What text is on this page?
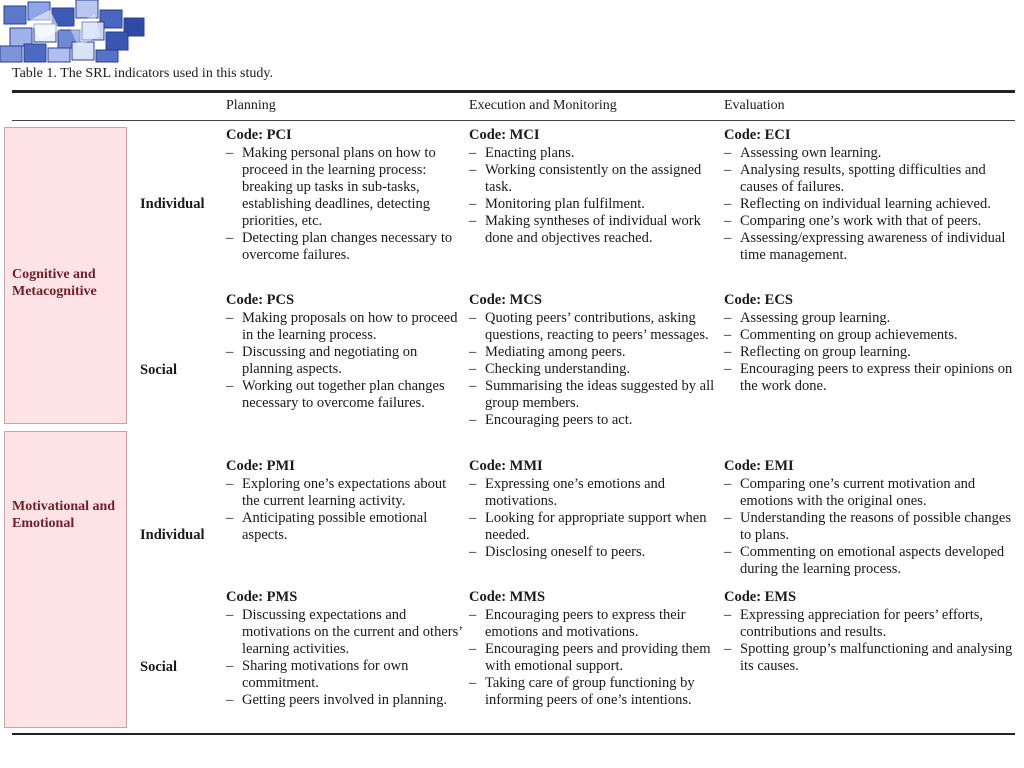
Table 1. The SRL indicators used in this study.
Planning	Execution and Monitoring	Evaluation
Cognitive and Metacognitive
Motivational and Emotional
Individual
Social
Individual
Social
Code: PCI
– Making personal plans on how to proceed in the learning process: breaking up tasks in sub-tasks, establishing deadlines, detecting priorities, etc.
– Detecting plan changes necessary to overcome failures.
Code: MCI
– Enacting plans.
– Working consistently on the assigned task.
– Monitoring plan fulfilment.
– Making syntheses of individual work done and objectives reached.
Code: ECI
– Assessing own learning.
– Analysing results, spotting difficulties and causes of failures.
– Reflecting on individual learning achieved.
– Comparing one’s work with that of peers.
– Assessing/expressing awareness of individual time management.
Code: PCS
– Making proposals on how to proceed in the learning process.
– Discussing and negotiating on planning aspects.
– Working out together plan changes necessary to overcome failures.
Code: MCS
– Quoting peers’ contributions, asking questions, reacting to peers’ messages.
– Mediating among peers.
– Checking understanding.
– Summarising the ideas suggested by all group members.
– Encouraging peers to act.
Code: ECS
– Assessing group learning.
– Commenting on group achievements.
– Reflecting on group learning.
– Encouraging peers to express their opinions on the work done.
Code: PMI
– Exploring one’s expectations about the current learning activity.
– Anticipating possible emotional aspects.
Code: MMI
– Expressing one’s emotions and motivations.
– Looking for appropriate support when needed.
– Disclosing oneself to peers.
Code: EMI
– Comparing one’s current motivation and emotions with the original ones.
– Understanding the reasons of possible changes to plans.
– Commenting on emotional aspects developed during the learning process.
Code: PMS
– Discussing expectations and motivations on the current and others’ learning activities.
– Sharing motivations for own commitment.
– Getting peers involved in planning.
Code: MMS
– Encouraging peers to express their emotions and motivations.
– Encouraging peers and providing them with emotional support.
– Taking care of group functioning by informing peers of one’s intentions.
Code: EMS
– Expressing appreciation for peers’ efforts, contributions and results.
– Spotting group’s malfunctioning and analysing its causes.
